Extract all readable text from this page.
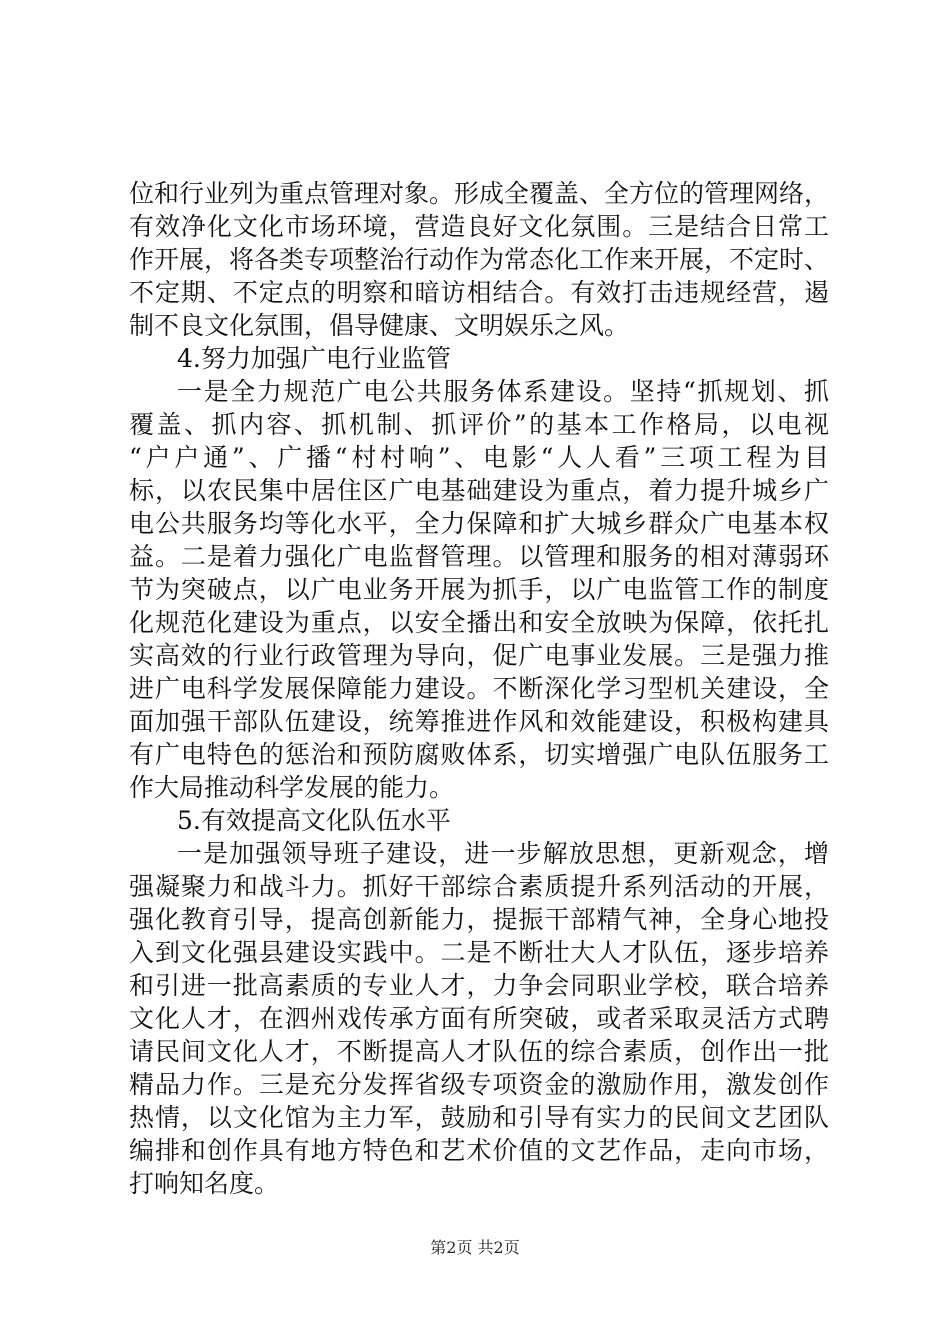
位和行业列为重点管理对象。形成全覆盖、全方位的管理网络，
有效净化文化市场环境，营造良好文化氛围。三是结合日常工
作开展，将各类专项整治行动作为常态化工作来开展，不定时、
不定期、不定点的明察和暗访相结合。有效打击违规经营，遏
制不良文化氛围，倡导健康、文明娱乐之风。
4.努力加强广电行业监管
一是全力规范广电公共服务体系建设。坚持“抓规划、抓
覆盖、抓内容、抓机制、抓评价”的基本工作格局，以电视
“户户通”、广播“村村响”、电影“人人看”三项工程为目
标，以农民集中居住区广电基础建设为重点，着力提升城乡广
电公共服务均等化水平，全力保障和扩大城乡群众广电基本权
益。二是着力强化广电监督管理。以管理和服务的相对薄弱环
节为突破点，以广电业务开展为抓手，以广电监管工作的制度
化规范化建设为重点，以安全播出和安全放映为保障，依托扎
实高效的行业行政管理为导向，促广电事业发展。三是强力推
进广电科学发展保障能力建设。不断深化学习型机关建设，全
面加强干部队伍建设，统筹推进作风和效能建设，积极构建具
有广电特色的惩治和预防腐败体系，切实增强广电队伍服务工
作大局推动科学发展的能力。
5.有效提高文化队伍水平
一是加强领导班子建设，进一步解放思想，更新观念，增
强凝聚力和战斗力。抓好干部综合素质提升系列活动的开展，
强化教育引导，提高创新能力，提振干部精气神，全身心地投
入到文化强县建设实践中。二是不断壮大人才队伍，逐步培养
和引进一批高素质的专业人才，力争会同职业学校，联合培养
文化人才，在泗州戏传承方面有所突破，或者采取灵活方式聘
请民间文化人才，不断提高人才队伍的综合素质，创作出一批
精品力作。三是充分发挥省级专项资金的激励作用，激发创作
热情，以文化馆为主力军，鼓励和引导有实力的民间文艺团队
编排和创作具有地方特色和艺术价值的文艺作品，走向市场，
打响知名度。
第2页 共2页
